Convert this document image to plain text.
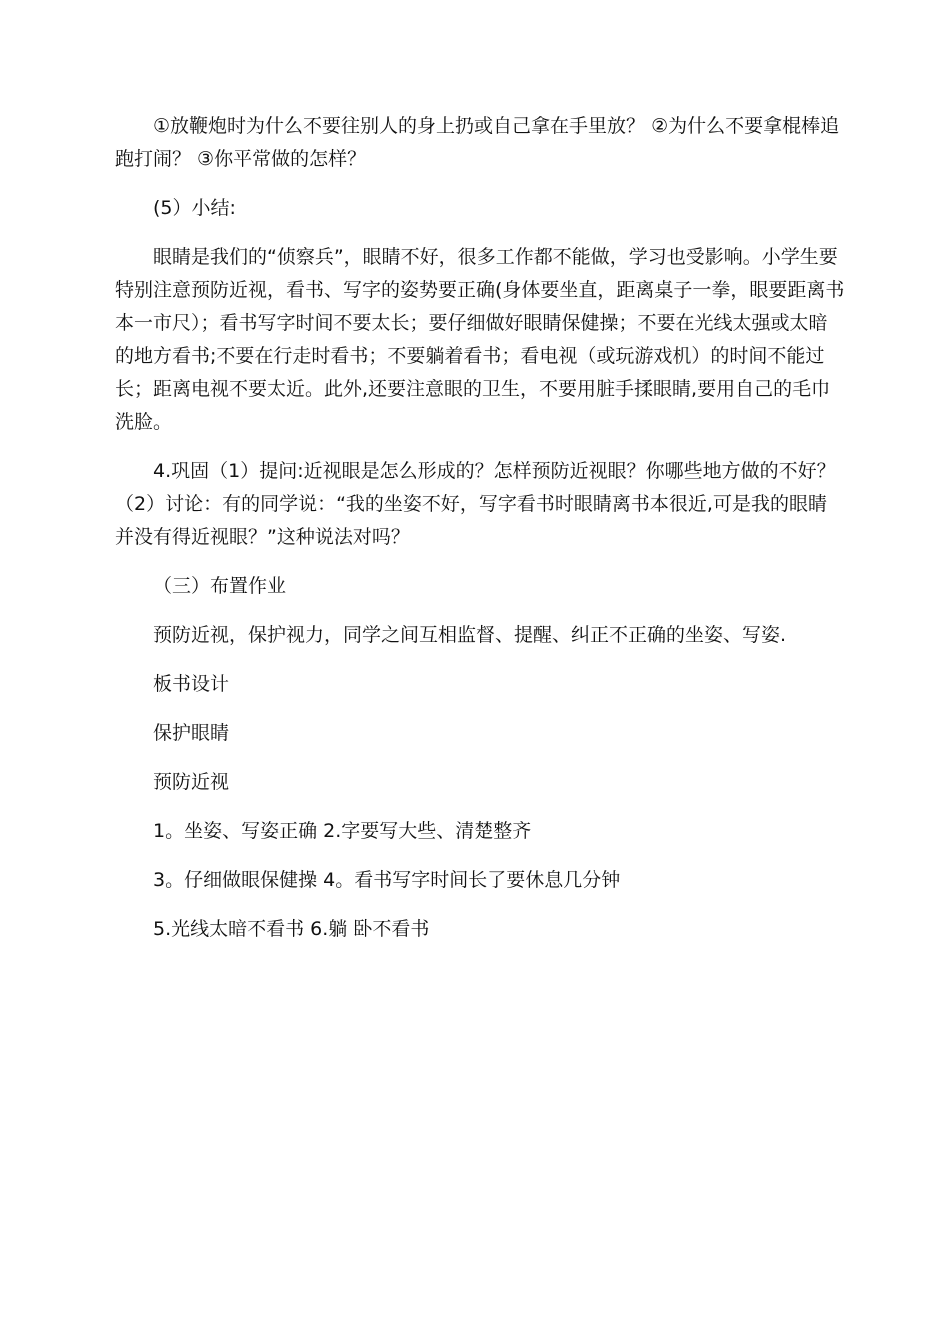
①放鞭炮时为什么不要往别人的身上扔或自己拿在手里放？ ②为什么不要拿棍棒追跑打闹？ ③你平常做的怎样？

(5）小结:

眼睛是我们的“侦察兵”，眼睛不好，很多工作都不能做，学习也受影响。小学生要特别注意预防近视，看书、写字的姿势要正确(身体要坐直，距离桌子一拳，眼要距离书本一市尺）；看书写字时间不要太长；要仔细做好眼睛保健操；不要在光线太强或太暗的地方看书;不要在行走时看书；不要躺着看书；看电视（或玩游戏机）的时间不能过长；距离电视不要太近。此外,还要注意眼的卫生，不要用脏手揉眼睛,要用自己的毛巾洗脸。

4.巩固（1）提问:近视眼是怎么形成的？怎样预防近视眼？你哪些地方做的不好？（2）讨论：有的同学说：“我的坐姿不好，写字看书时眼睛离书本很近,可是我的眼睛并没有得近视眼？”这种说法对吗？

（三）布置作业

预防近视，保护视力，同学之间互相监督、提醒、纠正不正确的坐姿、写姿.

板书设计

保护眼睛

预防近视

1。坐姿、写姿正确 2.字要写大些、清楚整齐

3。仔细做眼保健操 4。看书写字时间长了要休息几分钟

5.光线太暗不看书 6.躺 卧不看书
